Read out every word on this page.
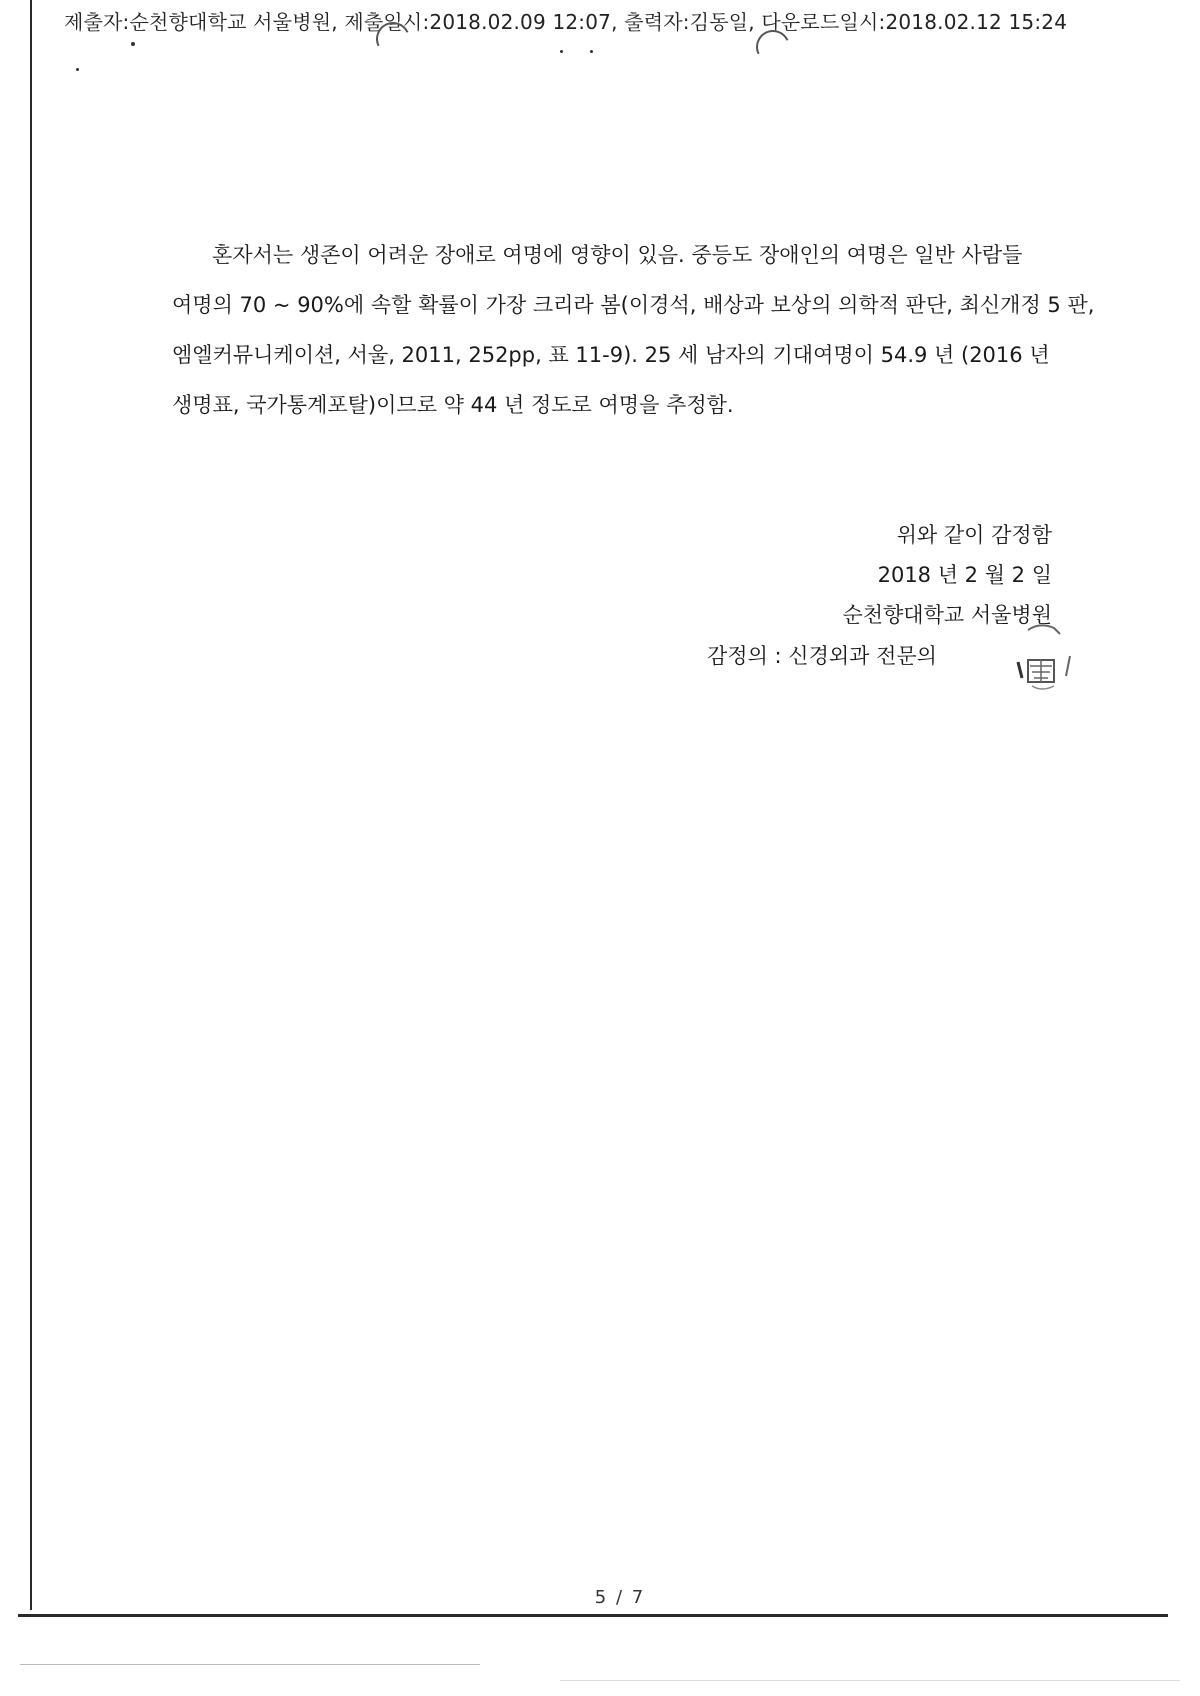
제출자:순천향대학교 서울병원, 제출일시:2018.02.09 12:07, 출력자:김동일, 다운로드일시:2018.02.12 15:24
혼자서는 생존이 어려운 장애로 여명에 영향이 있음. 중등도 장애인의 여명은 일반 사람들
여명의 70 ~ 90%에 속할 확률이 가장 크리라 봄(이경석, 배상과 보상의 의학적 판단, 최신개정 5 판,
엠엘커뮤니케이션, 서울, 2011, 252pp, 표 11-9). 25 세 남자의 기대여명이 54.9 년 (2016 년
생명표, 국가통계포탈)이므로 약 44 년 정도로 여명을 추정함.
위와 같이 감정함
2018 년 2 월 2 일
순천향대학교 서울병원
감정의 : 신경외과 전문의
5 / 7
